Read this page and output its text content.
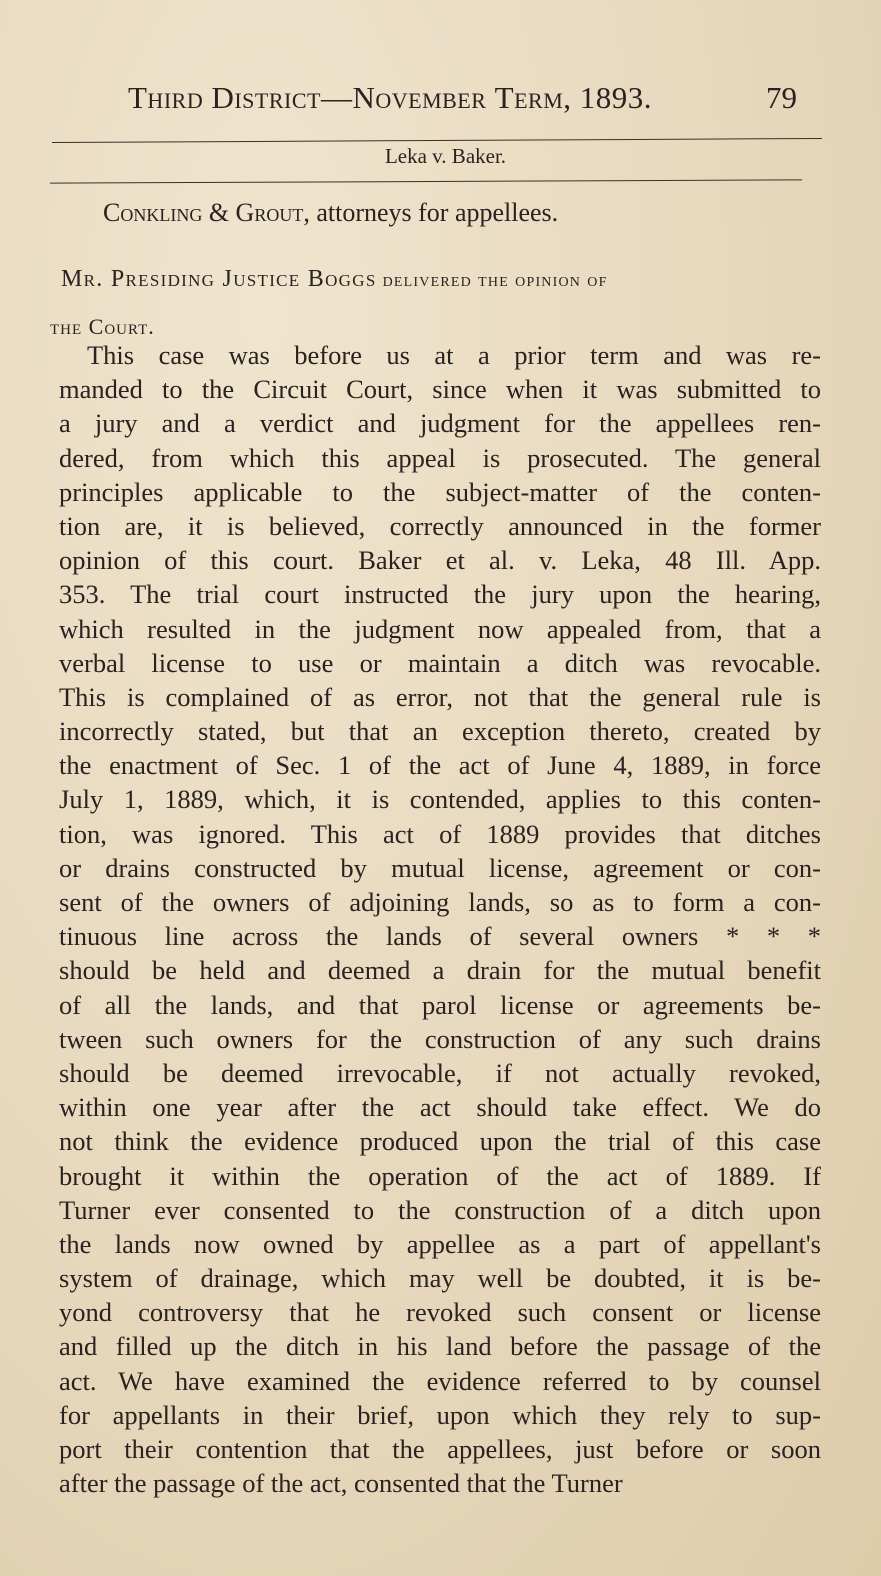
Third District—November Term, 1893.	79
Leka v. Baker.
Conkling & Grout, attorneys for appellees.
Mr. Presiding Justice Boggs delivered the opinion of
the Court.
This case was before us at a prior term and was re-
manded to the Circuit Court, since when it was submitted to
a jury and a verdict and judgment for the appellees ren-
dered, from which this appeal is prosecuted. The general
principles applicable to the subject-matter of the conten-
tion are, it is believed, correctly announced in the former
opinion of this court. Baker et al. v. Leka, 48 Ill. App.
353. The trial court instructed the jury upon the hearing,
which resulted in the judgment now appealed from, that a
verbal license to use or maintain a ditch was revocable.
This is complained of as error, not that the general rule is
incorrectly stated, but that an exception thereto, created by
the enactment of Sec. 1 of the act of June 4, 1889, in force
July 1, 1889, which, it is contended, applies to this conten-
tion, was ignored. This act of 1889 provides that ditches
or drains constructed by mutual license, agreement or con-
sent of the owners of adjoining lands, so as to form a con-
tinuous line across the lands of several owners * * *
should be held and deemed a drain for the mutual benefit
of all the lands, and that parol license or agreements be-
tween such owners for the construction of any such drains
should be deemed irrevocable, if not actually revoked,
within one year after the act should take effect. We do
not think the evidence produced upon the trial of this case
brought it within the operation of the act of 1889. If
Turner ever consented to the construction of a ditch upon
the lands now owned by appellee as a part of appellant's
system of drainage, which may well be doubted, it is be-
yond controversy that he revoked such consent or license
and filled up the ditch in his land before the passage of the
act. We have examined the evidence referred to by counsel
for appellants in their brief, upon which they rely to sup-
port their contention that the appellees, just before or soon
after the passage of the act, consented that the Turner
